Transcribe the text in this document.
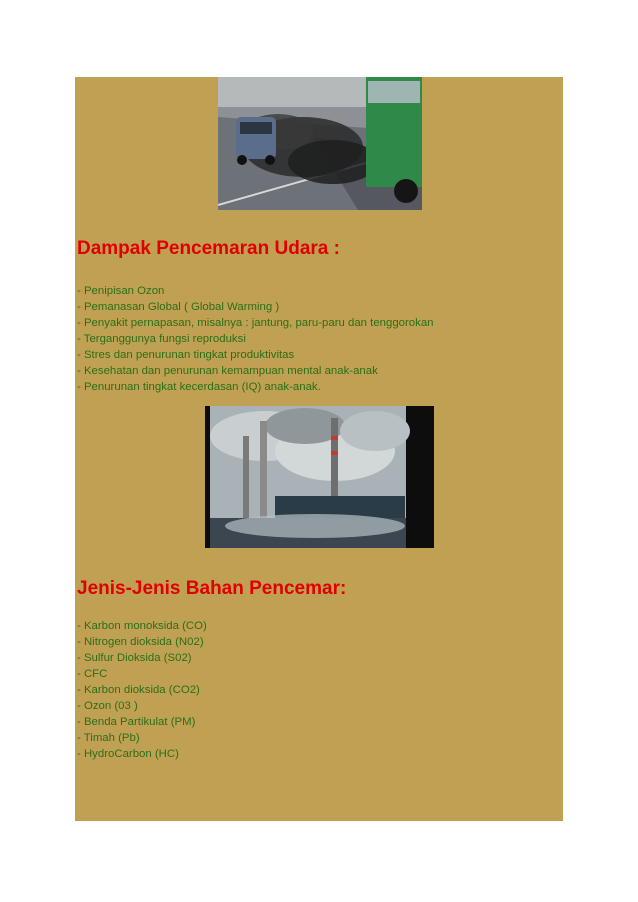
Dampak Pencemaran Udara :
- Penipisan Ozon
- Pemanasan Global ( Global Warming )
- Penyakit pernapasan, misalnya : jantung, paru-paru dan tenggorokan
- Terganggunya fungsi reproduksi
- Stres dan penurunan tingkat produktivitas
- Kesehatan dan penurunan kemampuan mental anak-anak
- Penurunan tingkat kecerdasan (IQ) anak-anak.
Jenis-Jenis Bahan Pencemar:
- Karbon monoksida (CO)
- Nitrogen dioksida (N02)
- Sulfur Dioksida (S02)
- CFC
- Karbon dioksida (CO2)
- Ozon (03 )
- Benda Partikulat (PM)
- Timah (Pb)
- HydroCarbon (HC)
